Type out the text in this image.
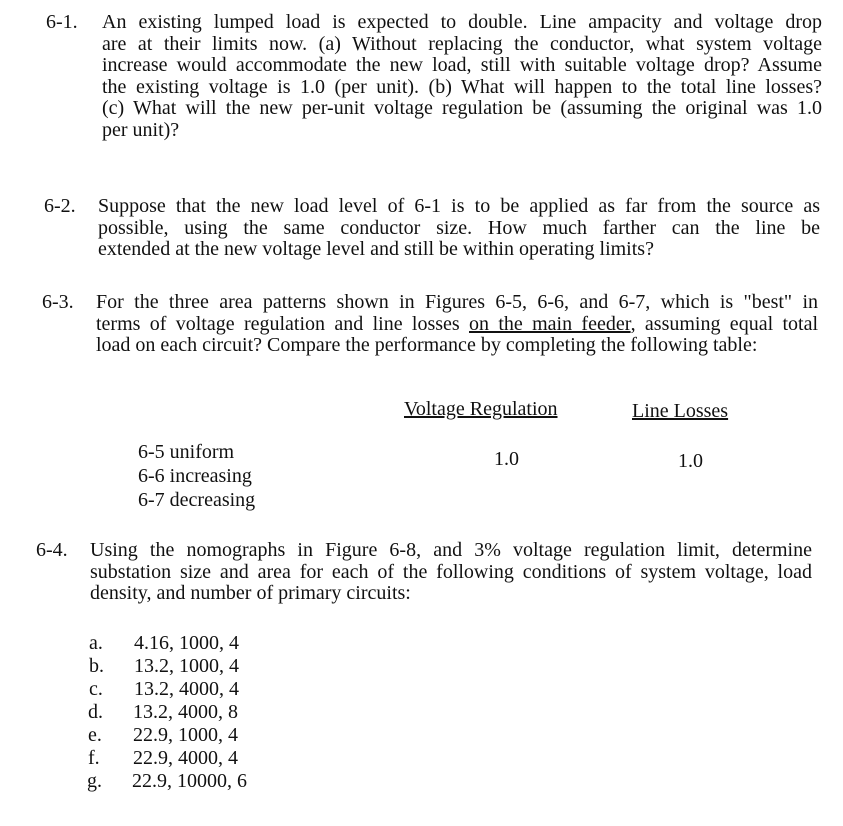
6-1. An existing lumped load is expected to double. Line ampacity and voltage drop
are at their limits now. (a) Without replacing the conductor, what system voltage
increase would accommodate the new load, still with suitable voltage drop? Assume
the existing voltage is 1.0 (per unit). (b) What will happen to the total line losses?
(c) What will the new per-unit voltage regulation be (assuming the original was 1.0
per unit)?
6-2. Suppose that the new load level of 6-1 is to be applied as far from the source as
possible, using the same conductor size. How much farther can the line be
extended at the new voltage level and still be within operating limits?
6-3. For the three area patterns shown in Figures 6-5, 6-6, and 6-7, which is "best" in
terms of voltage regulation and line losses on the main feeder, assuming equal total
load on each circuit? Compare the performance by completing the following table:
Voltage Regulation	Line Losses
6-5 uniform
6-6 increasing
6-7 decreasing
1.0	1.0
6-4. Using the nomographs in Figure 6-8, and 3% voltage regulation limit, determine
substation size and area for each of the following conditions of system voltage, load
density, and number of primary circuits:
a. 4.16, 1000, 4
b. 13.2, 1000, 4
c. 13.2, 4000, 4
d. 13.2, 4000, 8
e. 22.9, 1000, 4
f. 22.9, 4000, 4
g. 22.9, 10000, 6
